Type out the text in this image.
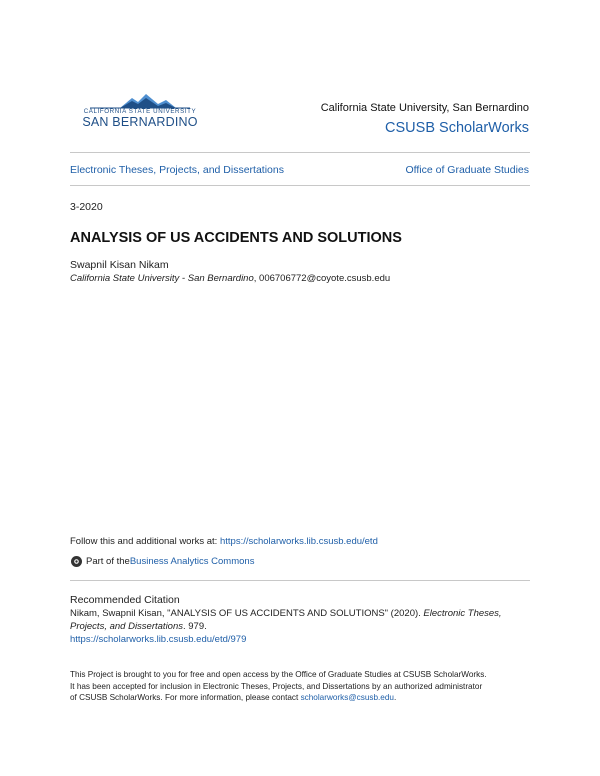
CALIFORNIA STATE UNIVERSITY
SAN BERNARDINO
California State University, San Bernardino
CSUSB ScholarWorks
Electronic Theses, Projects, and Dissertations	Office of Graduate Studies
3-2020
ANALYSIS OF US ACCIDENTS AND SOLUTIONS
Swapnil Kisan Nikam
California State University - San Bernardino, 006706772@coyote.csusb.edu
Follow this and additional works at: https://scholarworks.lib.csusb.edu/etd
Part of the Business Analytics Commons
Recommended Citation
Nikam, Swapnil Kisan, "ANALYSIS OF US ACCIDENTS AND SOLUTIONS" (2020). Electronic Theses, Projects, and Dissertations. 979.
https://scholarworks.lib.csusb.edu/etd/979
This Project is brought to you for free and open access by the Office of Graduate Studies at CSUSB ScholarWorks.
It has been accepted for inclusion in Electronic Theses, Projects, and Dissertations by an authorized administrator
of CSUSB ScholarWorks. For more information, please contact scholarworks@csusb.edu.
